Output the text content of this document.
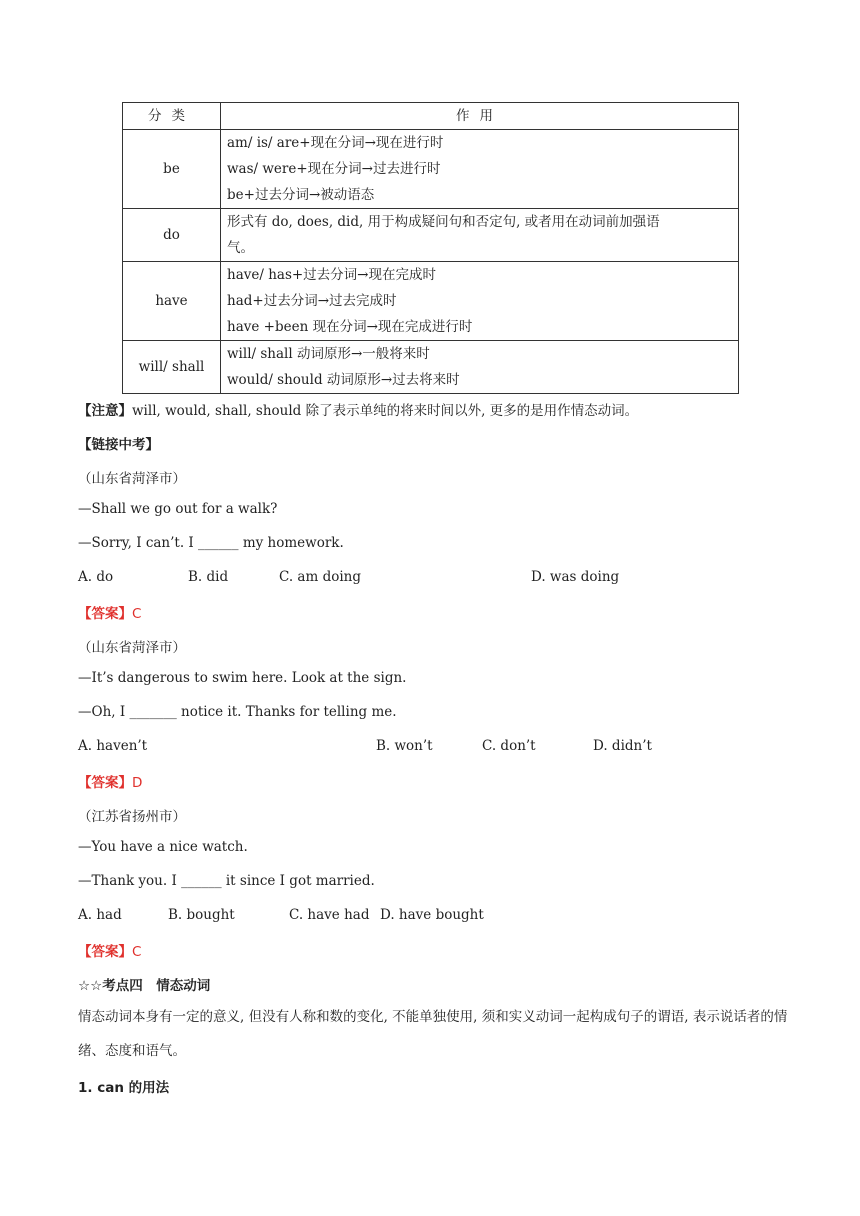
分类	作用
be	am/ is/ are+现在分词→现在进行时
was/ were+现在分词→过去进行时
be+过去分词→被动语态

do	形式有 do, does, did, 用于构成疑问句和否定句, 或者用在动词前加强语
气。

have	have/ has+过去分词→现在完成时
had+过去分词→过去完成时
have +been 现在分词→现在完成进行时

will/ shall	will/ shall 动词原形→一般将来时
would/ should 动词原形→过去将来时
【注意】will, would, shall, should 除了表示单纯的将来时间以外, 更多的是用作情态动词。
【链接中考】
（山东省菏泽市）
—Shall we go out for a walk?
—Sorry, I can’t. I ______ my homework.
A. do	B. did	C. am doing	D. was doing
【答案】C
（山东省菏泽市）
—It’s dangerous to swim here. Look at the sign.
—Oh, I _______ notice it. Thanks for telling me.
A. haven’t	B. won’t	C. don’t	D. didn’t
【答案】D
（江苏省扬州市）
—You have a nice watch.
—Thank you. I ______ it since I got married.
A. had	B. bought	C. have had D. have bought
【答案】C
☆☆考点四　情态动词
情态动词本身有一定的意义, 但没有人称和数的变化, 不能单独使用, 须和实义动词一起构成句子的谓语, 表示说话者的情绪、态度和语气。
1. can 的用法
